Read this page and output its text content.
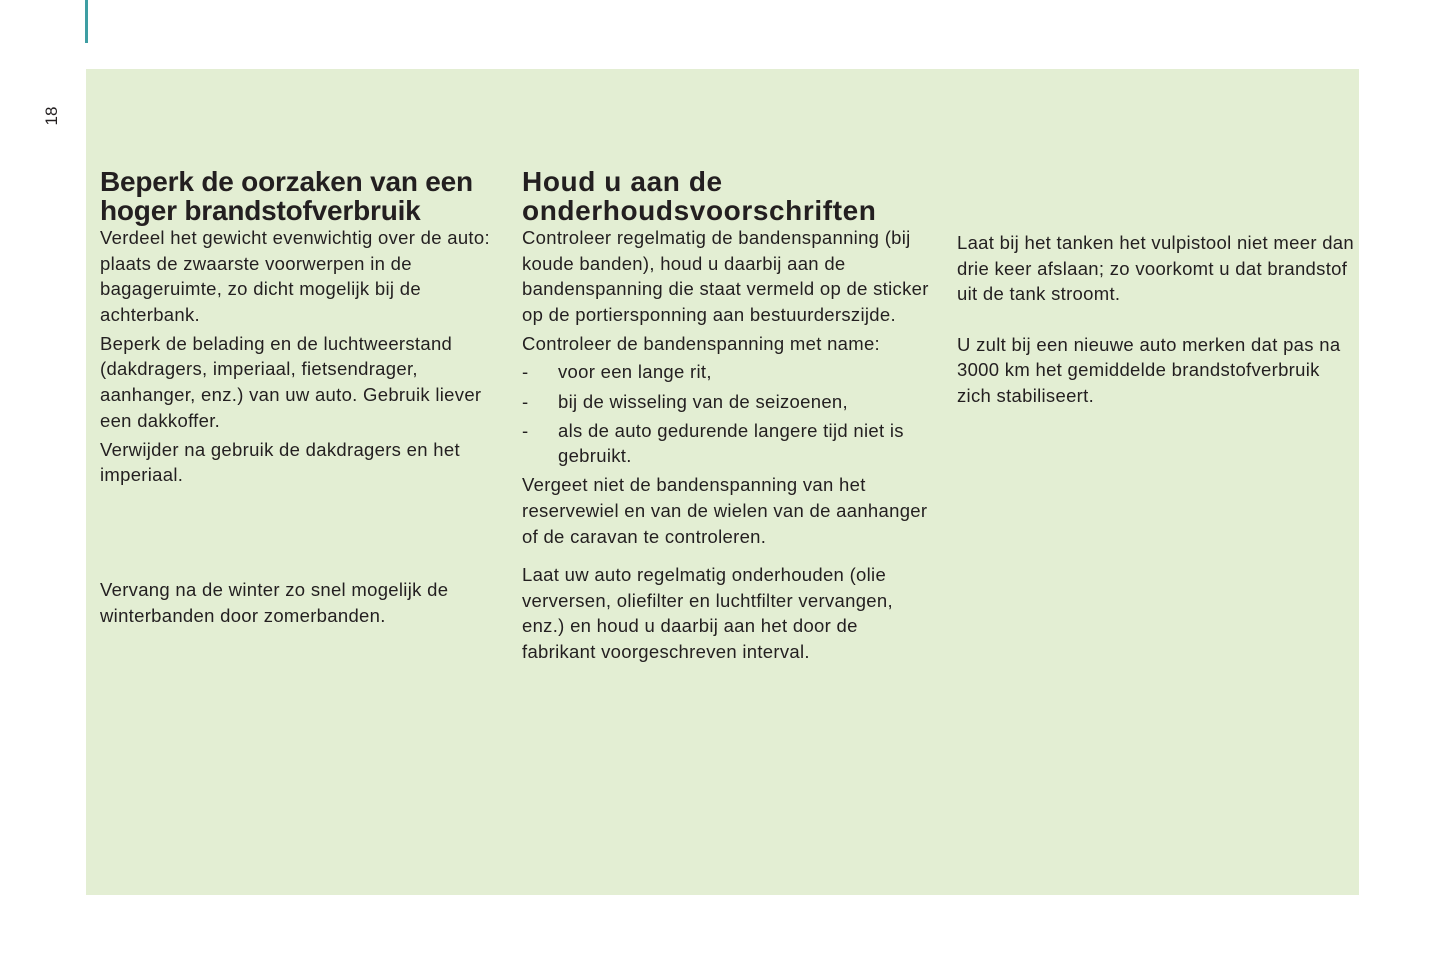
18
Beperk de oorzaken van een hoger brandstofverbruik

Verdeel het gewicht evenwichtig over de auto: plaats de zwaarste voorwerpen in de bagageruimte, zo dicht mogelijk bij de achterbank.

Beperk de belading en de luchtweerstand (dakdragers, imperiaal, fietsendrager, aanhanger, enz.) van uw auto. Gebruik liever een dakkoffer.

Verwijder na gebruik de dakdragers en het imperiaal.

Vervang na de winter zo snel mogelijk de winterbanden door zomerbanden.

Houd u aan de onderhoudsvoorschriften

Controleer regelmatig de bandenspanning (bij koude banden), houd u daarbij aan de bandenspanning die staat vermeld op de sticker op de portiersponning aan bestuurderszijde.

Controleer de bandenspanning met name:

- voor een lange rit,
- bij de wisseling van de seizoenen,
- als de auto gedurende langere tijd niet is gebruikt.

Vergeet niet de bandenspanning van het reservewiel en van de wielen van de aanhanger of de caravan te controleren.

Laat uw auto regelmatig onderhouden (olie verversen, oliefilter en luchtfilter vervangen, enz.) en houd u daarbij aan het door de fabrikant voorgeschreven interval.

Laat bij het tanken het vulpistool niet meer dan drie keer afslaan; zo voorkomt u dat brandstof uit de tank stroomt.

U zult bij een nieuwe auto merken dat pas na 3000 km het gemiddelde brandstofverbruik zich stabiliseert.
